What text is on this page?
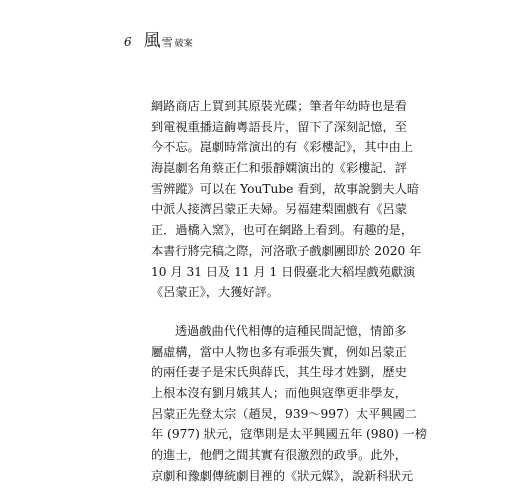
6 風 雪 破案
網路商店上買到其原裝光碟；筆者年幼時也是看
到電視重播這齣粵語長片，留下了深刻記憶，至
今不忘。崑劇時常演出的有《彩樓記》，其中由上
海崑劇名角蔡正仁和張靜嫻演出的《彩樓記．評
雪辨蹤》可以在 YouTube 看到，故事說劉夫人暗
中派人接濟呂蒙正夫婦。另福建梨園戲有《呂蒙
正．過橋入窯》，也可在網路上看到。有趣的是，
本書行將完稿之際，河洛歌子戲劇團即於 2020 年
10 月 31 日及 11 月 1 日假臺北大稻埕戲苑獻演
《呂蒙正》，大獲好評。
透過戲曲代代相傳的這種民間記憶，情節多
屬虛構，當中人物也多有乖張失實，例如呂蒙正
的兩任妻子是宋氏與薛氏，其生母才姓劉，歷史
上根本沒有劉月娥其人；而他與寇準更非學友，
呂蒙正先登太宗（趙炅，939～997）太平興國二
年 (977) 狀元，寇準則是太平興國五年 (980) 一榜
的進士，他們之間其實有很激烈的政爭。此外，
京劇和豫劇傳統劇目裡的《狀元媒》，說新科狀元
